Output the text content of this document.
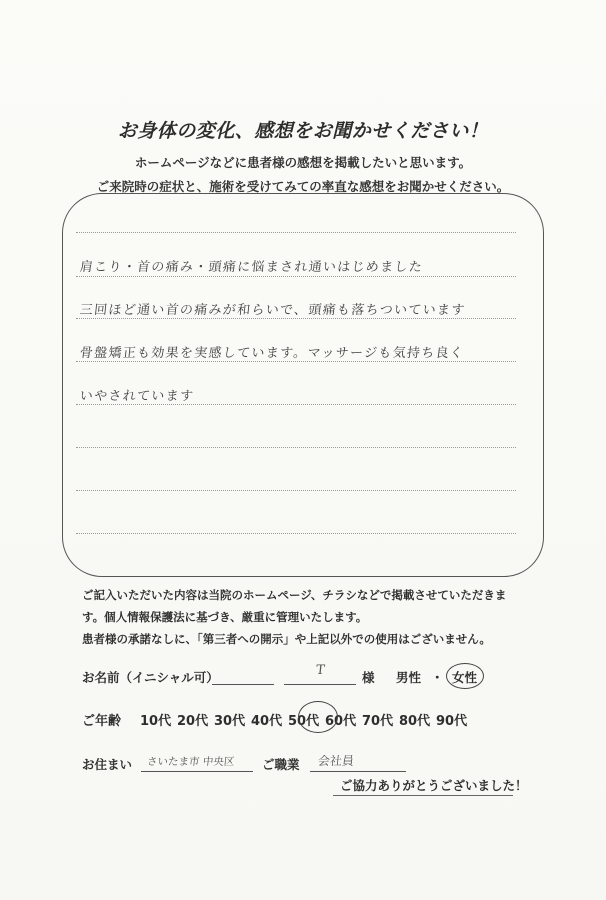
お身体の変化、感想をお聞かせください！
ホームページなどに患者様の感想を掲載したいと思います。
ご来院時の症状と、施術を受けてみての率直な感想をお聞かせください。
肩こり・首の痛み・頭痛に悩まされ通いはじめました
三回ほど通い首の痛みが和らいで、頭痛も落ちついています
骨盤矯正も効果を実感しています。マッサージも気持ち良く
いやされています
ご記入いただいた内容は当院のホームページ、チラシなどで掲載させていただきま
す。個人情報保護法に基づき、厳重に管理いたします。
患者様の承諾なしに、「第三者への開示」や上記以外での使用はございません。
お名前（イニシャル可）	T	様 男性 ・ 女性
ご年齢	10代 20代 30代 40代 50代 60代 70代 80代 90代
お住まい さいたま市 中央区 ご職業 会社員
ご協力ありがとうございました！
